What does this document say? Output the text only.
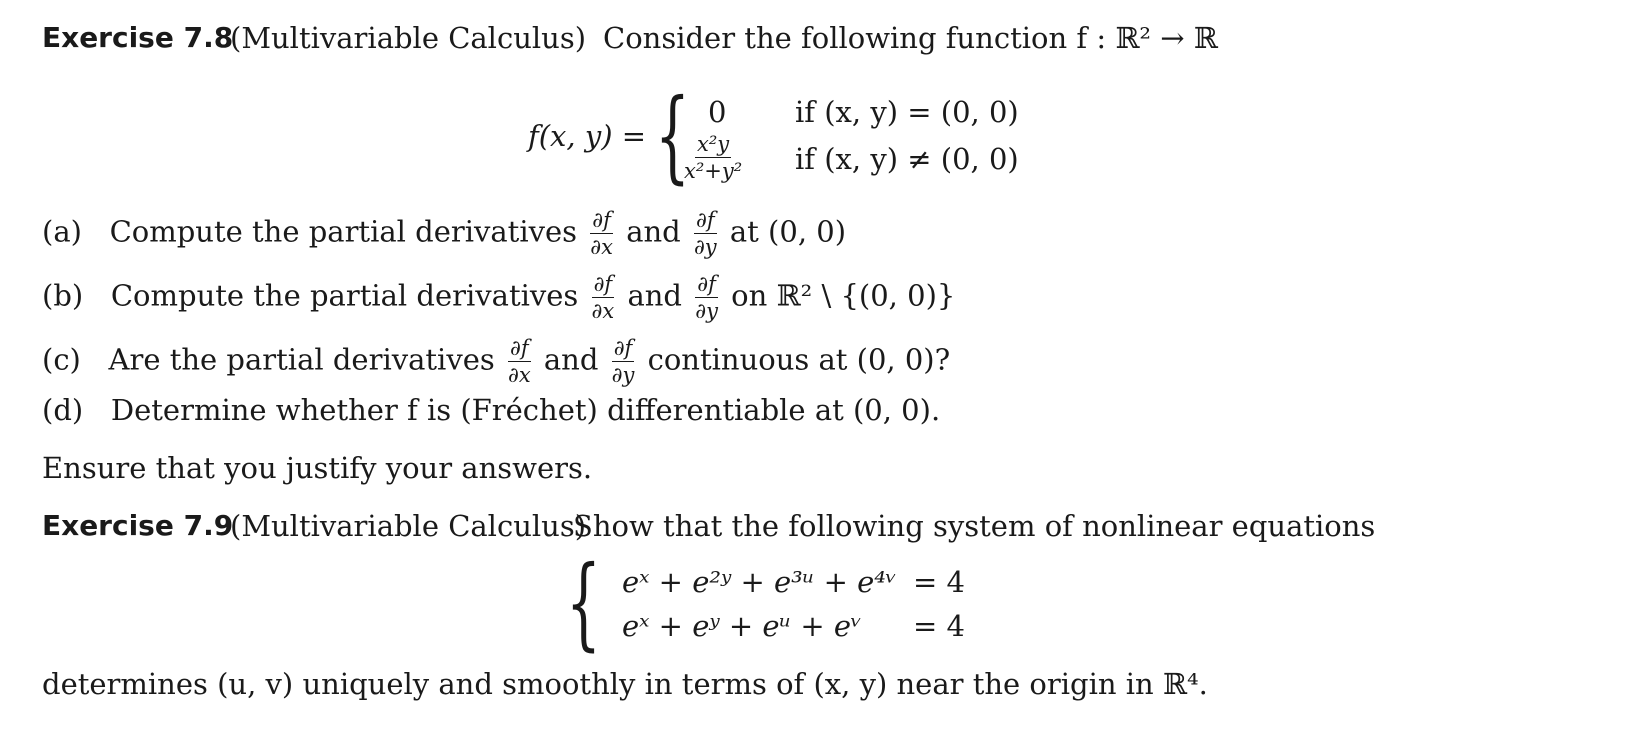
Exercise 7.8
(Multivariable Calculus) Consider the following function f : ℝ² → ℝ
f(x, y) = { 0 if (x, y) = (0, 0)
$\frac{\text{x²y}}{\text{x²+y²}}$ if (x, y) ≠ (0, 0)
(a) Compute the partial derivatives $\frac{\partial f}{\partial x}$ and $\frac{\partial f}{\partial y}$ at (0, 0)
(b) Compute the partial derivatives $\frac{\partial f}{\partial x}$ and $\frac{\partial f}{\partial y}$ on ℝ² \ {(0, 0)}
(c) Are the partial derivatives $\frac{\partial f}{\partial x}$ and $\frac{\partial f}{\partial y}$ continuous at (0, 0)?
(d) Determine whether f is (Fréchet) differentiable at (0, 0).
Ensure that you justify your answers.
Exercise 7.9
(Multivariable Calculus)
Show that the following system of nonlinear equations
{ eˣ + e²ʸ + e³ᵘ + e⁴ᵛ = 4
eˣ + eʸ + eᵘ + eᵛ = 4
determines (u, v) uniquely and smoothly in terms of (x, y) near the origin in ℝ⁴.
